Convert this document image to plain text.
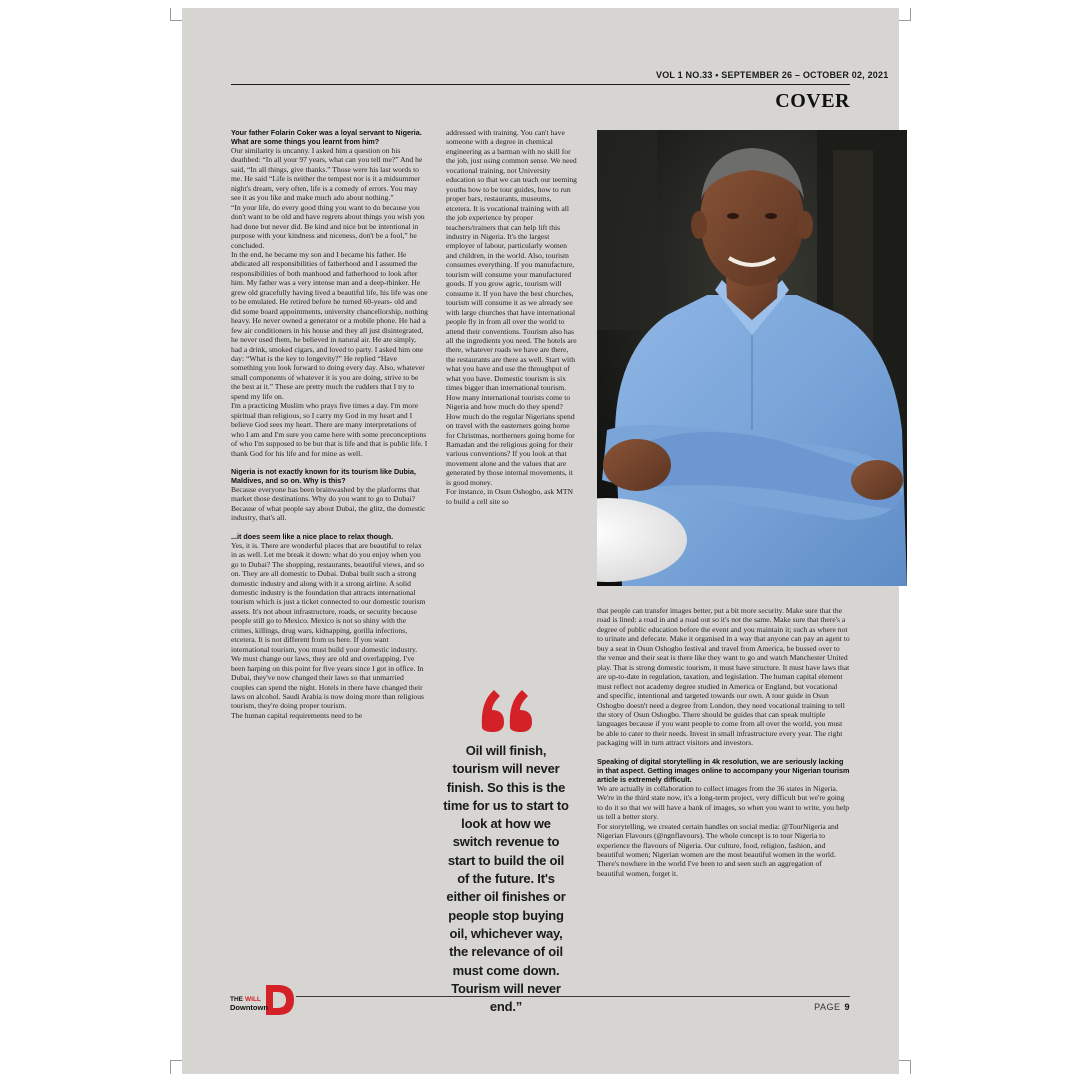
VOL 1 NO.33 • SEPTEMBER 26 – OCTOBER 02, 2021
COVER

Your father Folarin Coker was a loyal servant to Nigeria. What are some things you learnt from him?

Our similarity is uncanny. I asked him a question on his deathbed: “In all your 97 years, what can you tell me?” And he said, “In all things, give thanks.” Those were his last words to me. He said “Life is neither the tempest nor is it a midsummer night's dream, very often, life is a comedy of errors. You may see it as you like and make much ado about nothing.”

“In your life, do every good thing you want to do because you don't want to be old and have regrets about things you wish you had done but never did. Be kind and nice but be intentional in purpose with your kindness and niceness, don't be a fool,” he concluded.

In the end, he became my son and I became his father. He abdicated all responsibilities of fatherhood and I assumed the responsibilities of both manhood and fatherhood to look after him. My father was a very intense man and a deep-thinker. He grew old gracefully having lived a beautiful life, his life was one to be emulated. He retired before he turned 60-years- old and did some board appointments, university chancellorship, nothing heavy. He never owned a generator or a mobile phone. He had a few air conditioners in his house and they all just disintegrated, he never used them, he believed in natural air. He ate simply, had a drink, smoked cigars, and loved to party. I asked him one day: “What is the key to longevity?” He replied “Have something you look forward to doing every day. Also, whatever small components of whatever it is you are doing, strive to be the best at it.” These are pretty much the rudders that I try to spend my life on.

I'm a practicing Muslim who prays five times a day. I'm more spiritual than religious, so I carry my God in my heart and I believe God sees my heart. There are many interpretations of who I am and I'm sure you came here with some preconceptions of who I'm supposed to be but that is life and that is public life. I thank God for his life and for mine as well.

Nigeria is not exactly known for its tourism like Dubia, Maldives, and so on. Why is this?

Because everyone has been brainwashed by the platforms that market those destinations. Why do you want to go to Dubai? Because of what people say about Dubai, the glitz, the domestic industry, that's all.

...it does seem like a nice place to relax though.

Yes, it is. There are wonderful places that are beautiful to relax in as well. Let me break it down: what do you enjoy when you go to Dubai? The shopping, restaurants, beautiful views, and so on. They are all domestic to Dubai. Dubai built such a strong domestic industry and along with it a strong airline. A solid domestic industry is the foundation that attracts international tourism which is just a ticket connected to our domestic tourism assets. It's not about infrastructure, roads, or security because people still go to Mexico. Mexico is not so shiny with the crimes, killings, drug wars, kidnapping, gorilla infections, etcetera. It is not different from us here. If you want international tourism, you must build your domestic industry.

We must change our laws, they are old and overlapping. I've been harping on this point for five years since I got in office. In Dubai, they've now changed their laws so that unmarried couples can spend the night. Hotels in there have changed their laws on alcohol. Saudi Arabia is now doing more than religious tourism, they're doing proper tourism.

The human capital requirements need to be

addressed with training. You can't have someone with a degree in chemical engineering as a barman with no skill for the job, just using common sense. We need vocational training, not University education so that we can teach our teeming youths how to be tour guides, how to run proper bars, restaurants, museums, etcetera. It is vocational training with all the job experience by proper teachers/trainers that can help lift this industry in Nigeria. It's the largest employer of labour, particularly women and children, in the world. Also, tourism consumes everything. If you manufacture, tourism will consume your manufactured goods. If you grow agric, tourism will consume it. If you have the best churches, tourism will consume it as we already see with large churches that have international people fly in from all over the world to attend their conventions. Tourism also has all the ingredients you need. The hotels are there, whatever roads we have are there, the restaurants are there as well. Start with what you have and use the throughput of what you have. Domestic tourism is six times bigger than international tourism. How many international tourists come to Nigeria and how much do they spend? How much do the regular Nigerians spend on travel with the easterners going home for Christmas, northerners going home for Ramadan and the religious going for their various conventions? If you look at that movement alone and the values that are generated by those internal movements, it is good money.

For instance, in Osun Oshogbo, ask MTN to build a cell site so

that people can transfer images better, put a bit more security. Make sure that the road is lined: a road in and a road out so it's not the same. Make sure that there's a degree of public education before the event and you maintain it; such as where not to urinate and defecate. Make it organised in a way that anyone can pay an agent to buy a seat in Osun Oshogbo festival and travel from America, be bussed over to the venue and their seat is there like they want to go and watch Manchester United play. That is strong domestic tourism, it must have structure. It must have laws that are up-to-date in regulation, taxation, and legislation. The human capital element must reflect not academy degree studied in America or England, but vocational and specific, intentional and targeted towards our own. A tour guide in Osun Oshogbo doesn't need a degree from London, they need vocational training to tell the story of Osun Oshogbo. There should be guides that can speak multiple languages because if you want people to come from all over the world, you must be able to cater to their needs. Invest in small infrastructure every year. The right packaging will in turn attract visitors and investors.

Speaking of digital storytelling in 4k resolution, we are seriously lacking in that aspect. Getting images online to accompany your Nigerian tourism article is extremely difficult.

We are actually in collaboration to collect images from the 36 states in Nigeria. We're in the third state now, it's a long-term project, very difficult but we're going to do it so that we will have a bank of images, so when you want to write, you help us tell a better story.

For storytelling, we created certain handles on social media: @TourNigeria and Nigerian Flavours (@ngnflavours). The whole concept is to tour Nigeria to experience the flavours of Nigeria. Our culture, food, religion, fashion, and beautiful women; Nigerian women are the most beautiful women in the world. There's nowhere in the world I've been to and seen such an aggregation of beautiful women, forget it.

Oil will finish, tourism will never finish. So this is the time for us to start to look at how we switch revenue to start to build the oil of the future. It's either oil finishes or people stop buying oil, whichever way, the relevance of oil must come down. Tourism will never end.”
THE WILL
Downtown	PAGE 9
